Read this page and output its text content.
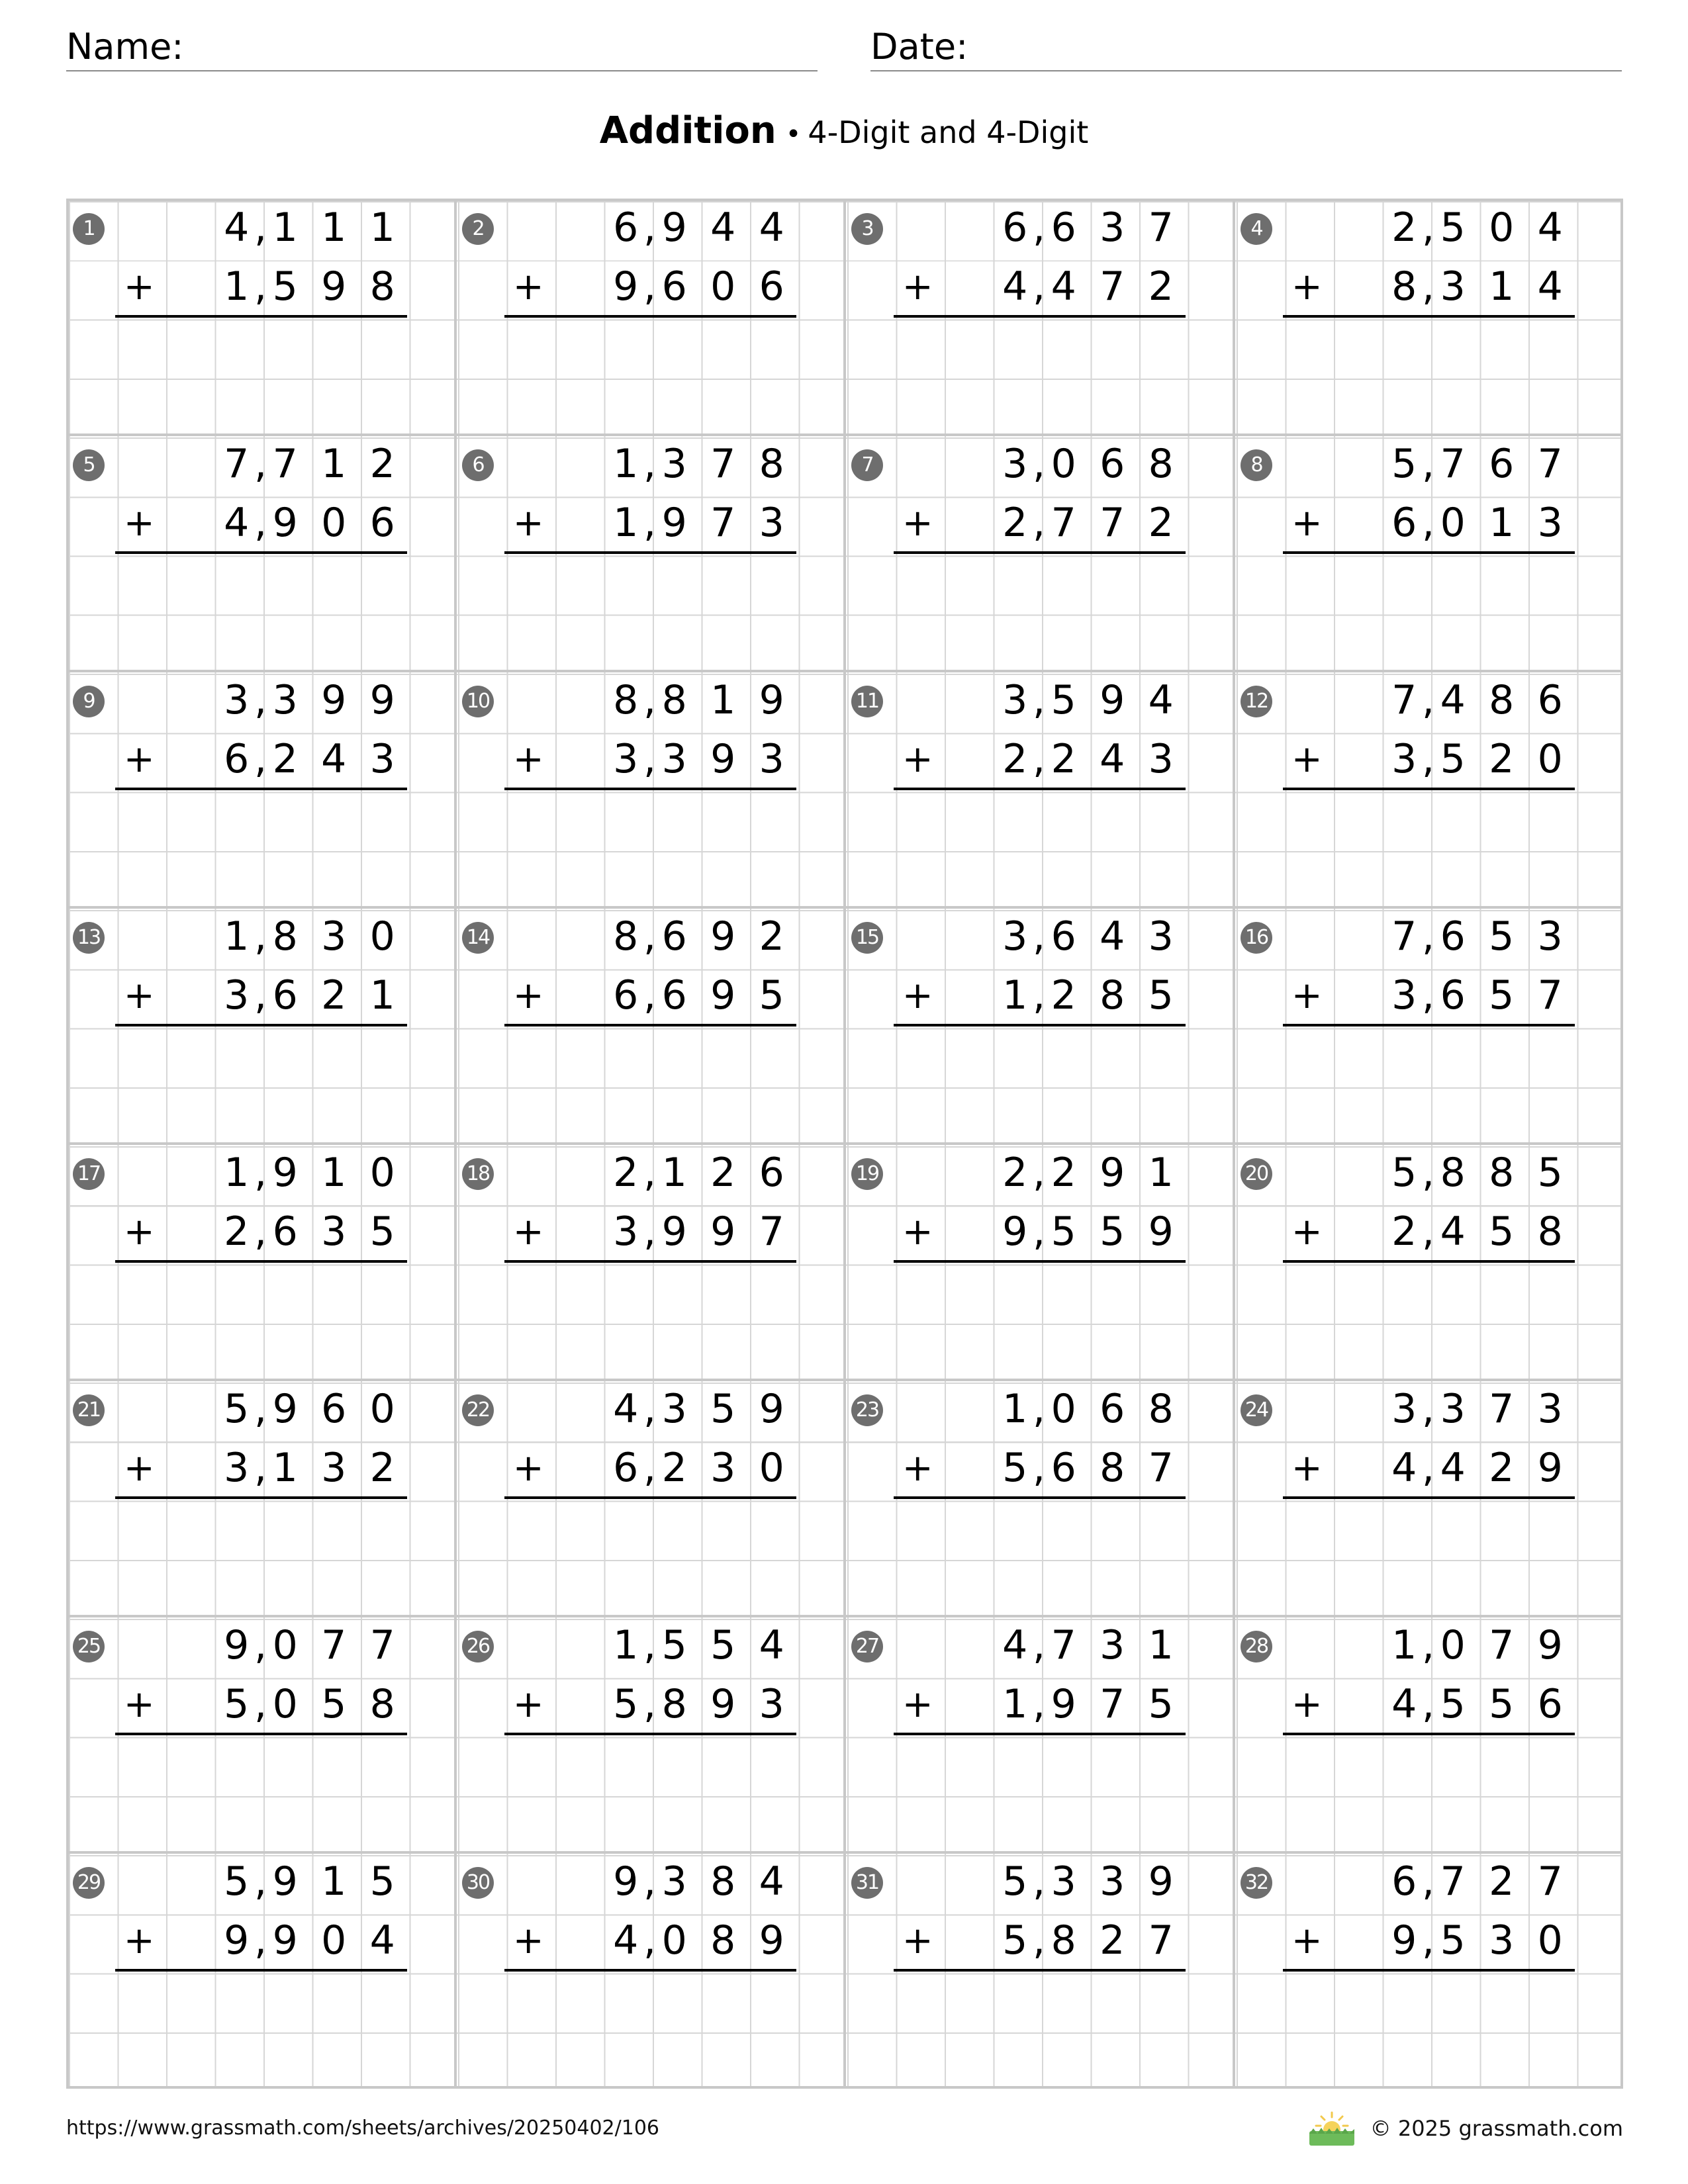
Name:	Date:
Addition • 4-Digit and 4-Digit
1	4 , 1 1 1
1 , 5 9 8
+
2	6 , 9 4 4
9 , 6 0 6
+
3	6 , 6 3 7
4 , 4 7 2
+
4	2 , 5 0 4
8 , 3 1 4
+
5	7 , 7 1 2
4 , 9 0 6
+
6	1 , 3 7 8
1 , 9 7 3
+
7	3 , 0 6 8
2 , 7 7 2
+
8	5 , 7 6 7
6 , 0 1 3
+
9	3 , 3 9 9
6 , 2 4 3
+
10	8 , 8 1 9
3 , 3 9 3
+
11	3 , 5 9 4
2 , 2 4 3
+
12	7 , 4 8 6
3 , 5 2 0
+
13	1 , 8 3 0
3 , 6 2 1
+
14	8 , 6 9 2
6 , 6 9 5
+
15	3 , 6 4 3
1 , 2 8 5
+
16	7 , 6 5 3
3 , 6 5 7
+
17	1 , 9 1 0
2 , 6 3 5
+
18	2 , 1 2 6
3 , 9 9 7
+
19	2 , 2 9 1
9 , 5 5 9
+
20	5 , 8 8 5
2 , 4 5 8
+
21	5 , 9 6 0
3 , 1 3 2
+
22	4 , 3 5 9
6 , 2 3 0
+
23	1 , 0 6 8
5 , 6 8 7
+
24	3 , 3 7 3
4 , 4 2 9
+
25	9 , 0 7 7
5 , 0 5 8
+
26	1 , 5 5 4
5 , 8 9 3
+
27	4 , 7 3 1
1 , 9 7 5
+
28	1 , 0 7 9
4 , 5 5 6
+
29	5 , 9 1 5
9 , 9 0 4
+
30	9 , 3 8 4
4 , 0 8 9
+
31	5 , 3 3 9
5 , 8 2 7
+
32	6 , 7 2 7
9 , 5 3 0
+
https://www.grassmath.com/sheets/archives/20250402/106	© 2025 grassmath.com
